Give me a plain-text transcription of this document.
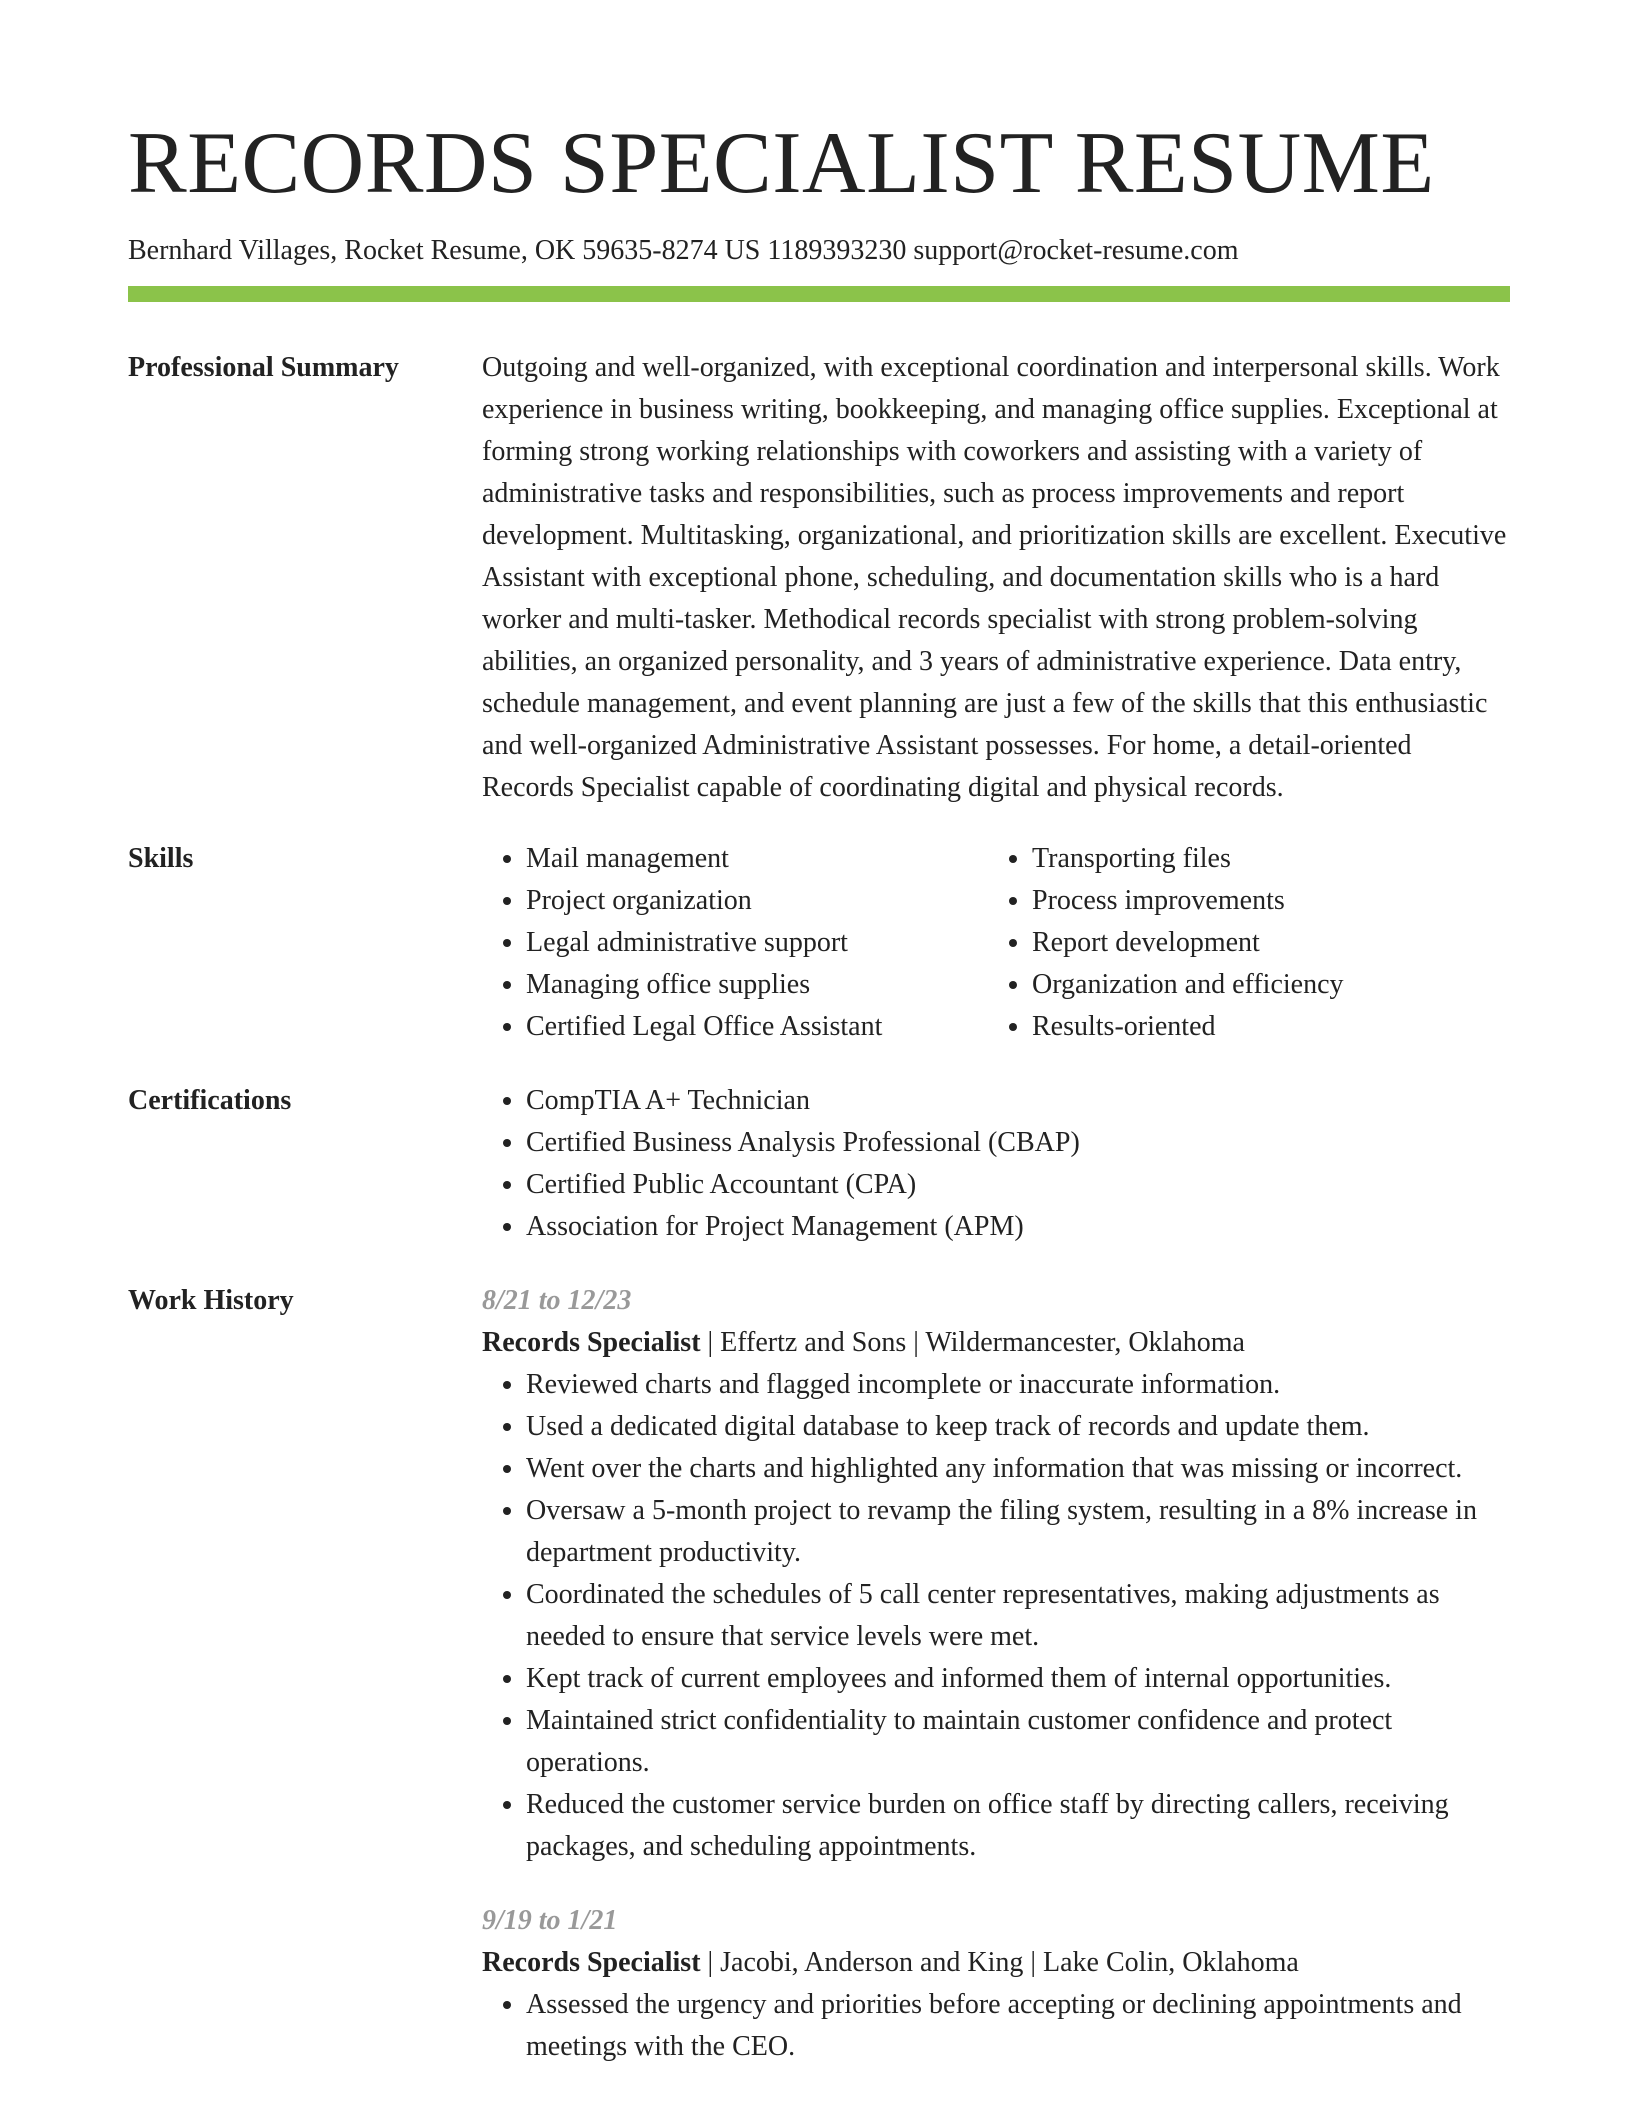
RECORDS SPECIALIST RESUME
Bernhard Villages, Rocket Resume, OK 59635-8274 US 1189393230 support@rocket-resume.com
Professional Summary	Outgoing and well-organized, with exceptional coordination and interpersonal skills. Work experience in business writing, bookkeeping, and managing office supplies. Exceptional at forming strong working relationships with coworkers and assisting with a variety of administrative tasks and responsibilities, such as process improvements and report development. Multitasking, organizational, and prioritization skills are excellent. Executive Assistant with exceptional phone, scheduling, and documentation skills who is a hard worker and multi-tasker. Methodical records specialist with strong problem-solving abilities, an organized personality, and 3 years of administrative experience. Data entry, schedule management, and event planning are just a few of the skills that this enthusiastic and well-organized Administrative Assistant possesses. For home, a detail-oriented Records Specialist capable of coordinating digital and physical records.

Skills	• Mail management
• Project organization
• Legal administrative support
• Managing office supplies
• Certified Legal Office Assistant
• Transporting files
• Process improvements
• Report development
• Organization and efficiency
• Results-oriented
Certifications	• CompTIA A+ Technician
• Certified Business Analysis Professional (CBAP)
• Certified Public Accountant (CPA)
• Association for Project Management (APM)
Work History	8/21 to 12/23
Records Specialist | Effertz and Sons | Wildermancester, Oklahoma
• Reviewed charts and flagged incomplete or inaccurate information.
• Used a dedicated digital database to keep track of records and update them.
• Went over the charts and highlighted any information that was missing or incorrect.
• Oversaw a 5-month project to revamp the filing system, resulting in a 8% increase in department productivity.
• Coordinated the schedules of 5 call center representatives, making adjustments as needed to ensure that service levels were met.
• Kept track of current employees and informed them of internal opportunities.
• Maintained strict confidentiality to maintain customer confidence and protect operations.
• Reduced the customer service burden on office staff by directing callers, receiving packages, and scheduling appointments.
9/19 to 1/21
Records Specialist | Jacobi, Anderson and King | Lake Colin, Oklahoma
• Assessed the urgency and priorities before accepting or declining appointments and meetings with the CEO.
